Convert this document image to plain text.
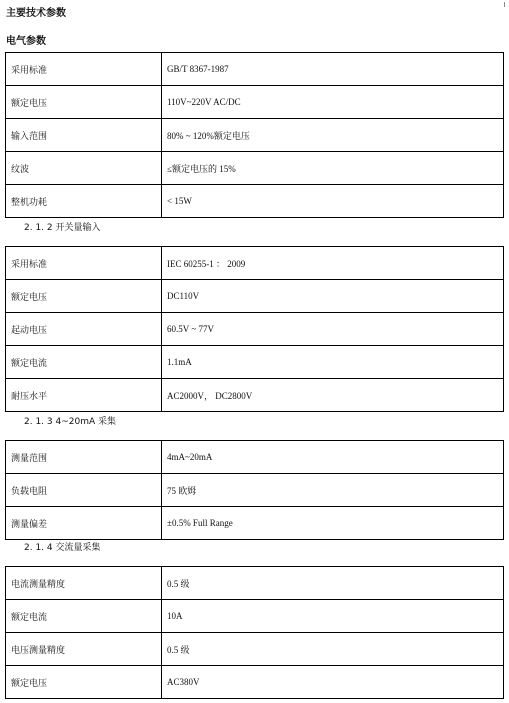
主要技术参数
电气参数
采用标准	GB/T 8367-1987
额定电压	110V~220V AC/DC
输入范围	80% ~ 120%额定电压
纹波	≤额定电压的 15%
整机功耗	< 15W
2. 1. 2 开关量输入
采用标准	IEC 60255-1 ： 2009
额定电压	DC110V
起动电压	60.5V ~ 77V
额定电流	1.1mA
耐压水平	AC2000V， DC2800V
2. 1. 3 4~20mA 采集
测量范围	4mA~20mA
负载电阻	75 欧姆
测量偏差	±0.5% Full Range
2. 1. 4 交流量采集
电流测量精度	0.5 级
额定电流	10A
电压测量精度	0.5 级
额定电压	AC380V
